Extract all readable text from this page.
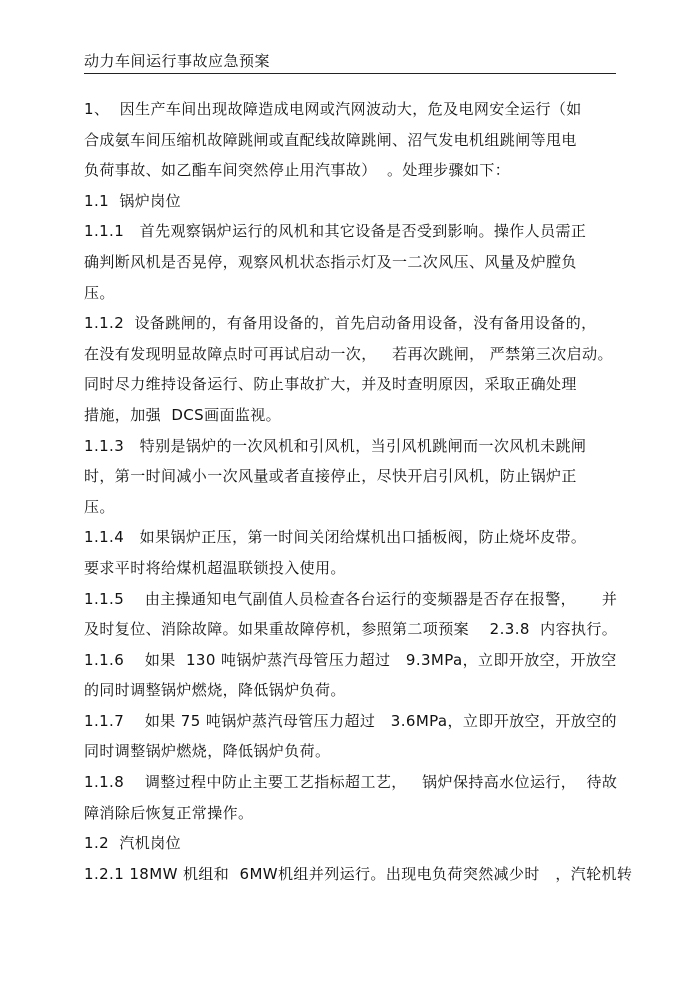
动力车间运行事故应急预案
1、  因生产车间出现故障造成电网或汽网波动大，危及电网安全运行（如
合成氨车间压缩机故障跳闸或直配线故障跳闸、沼气发电机组跳闸等甩电
负荷事故、如乙酯车间突然停止用汽事故）  。处理步骤如下：
1.1  锅炉岗位
1.1.1   首先观察锅炉运行的风机和其它设备是否受到影响。操作人员需正
确判断风机是否晃停，观察风机状态指示灯及一二次风压、风量及炉膛负
压。
1.1.2  设备跳闸的，有备用设备的，首先启动备用设备，没有备用设备的，
在没有发现明显故障点时可再试启动一次，   若再次跳闸， 严禁第三次启动。
同时尽力维持设备运行、防止事故扩大，并及时查明原因，采取正确处理
措施，加强  DCS画面监视。
1.1.3   特别是锅炉的一次风机和引风机，当引风机跳闸而一次风机未跳闸
时，第一时间减小一次风量或者直接停止，尽快开启引风机，防止锅炉正
压。
1.1.4   如果锅炉正压，第一时间关闭给煤机出口插板阀，防止烧坏皮带。
要求平时将给煤机超温联锁投入使用。
1.1.5    由主操通知电气副值人员检查各台运行的变频器是否存在报警，     并
及时复位、消除故障。如果重故障停机，参照第二项预案    2.3.8  内容执行。
1.1.6    如果  130 吨锅炉蒸汽母管压力超过   9.3MPa，立即开放空，开放空
的同时调整锅炉燃烧，降低锅炉负荷。
1.1.7    如果 75 吨锅炉蒸汽母管压力超过   3.6MPa，立即开放空，开放空的
同时调整锅炉燃烧，降低锅炉负荷。
1.1.8    调整过程中防止主要工艺指标超工艺，   锅炉保持高水位运行，  待故
障消除后恢复正常操作。
1.2  汽机岗位
1.2.1 18MW 机组和  6MW机组并列运行。出现电负荷突然减少时   ，汽轮机转
